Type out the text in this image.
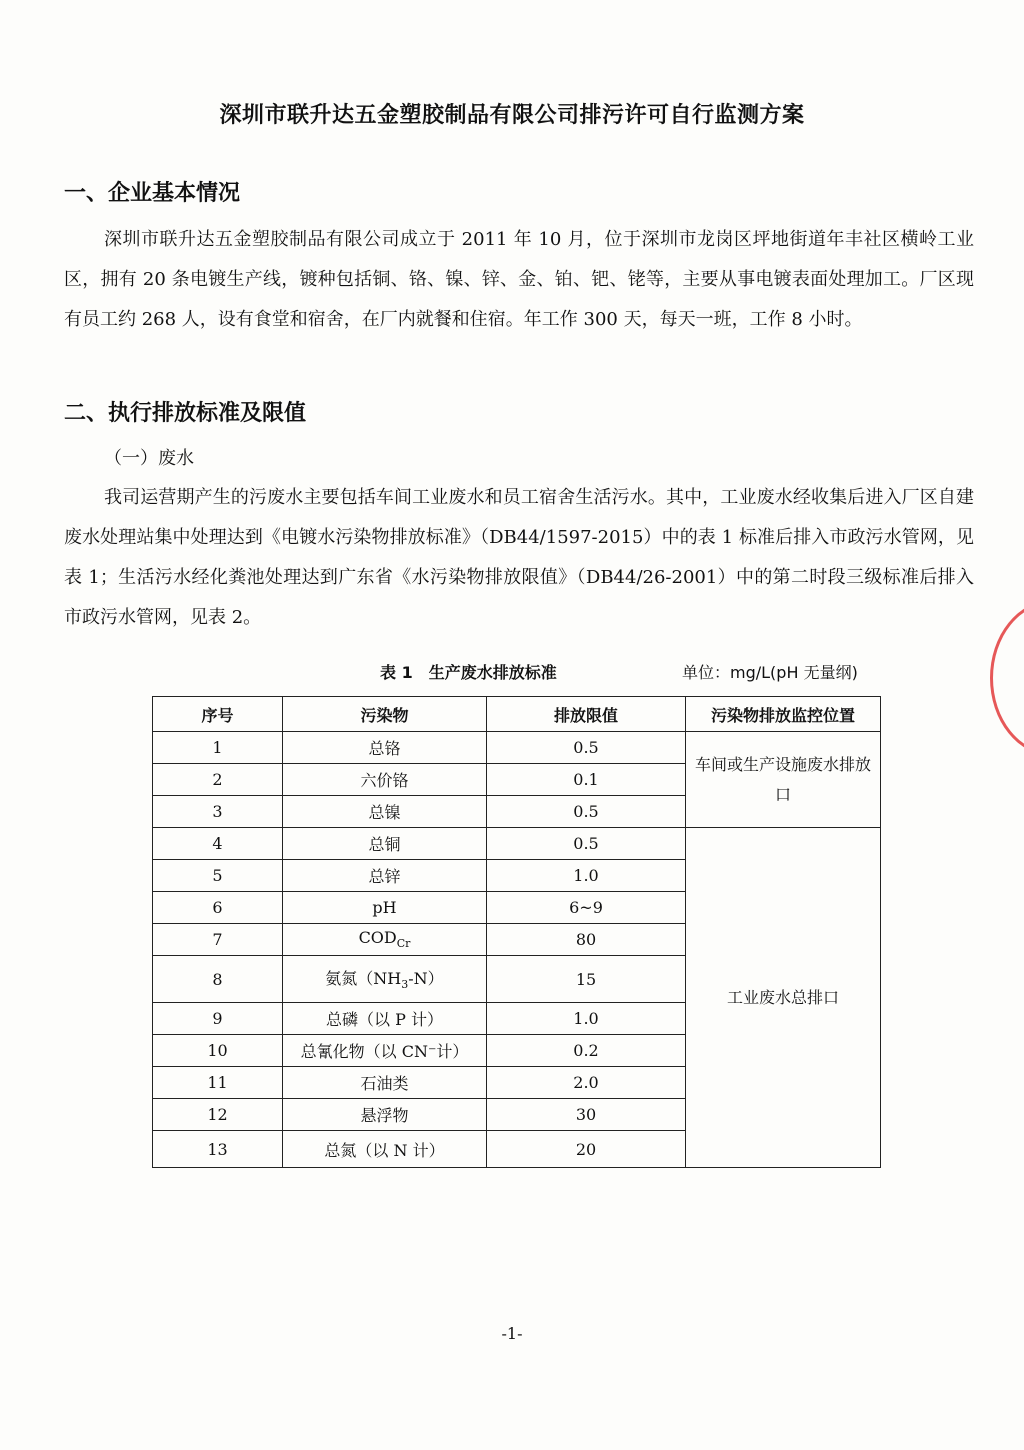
深圳市联升达五金塑胶制品有限公司排污许可自行监测方案
一、企业基本情况

深圳市联升达五金塑胶制品有限公司成立于 2011 年 10 月，位于深圳市龙岗区坪地街道年丰社区横岭工业区，拥有 20 条电镀生产线，镀种包括铜、铬、镍、锌、金、铂、钯、铑等，主要从事电镀表面处理加工。厂区现有员工约 268 人，设有食堂和宿舍，在厂内就餐和住宿。年工作 300 天，每天一班，工作 8 小时。

二、执行排放标准及限值
（一）废水

我司运营期产生的污废水主要包括车间工业废水和员工宿舍生活污水。其中，工业废水经收集后进入厂区自建废水处理站集中处理达到《电镀水污染物排放标准》（DB44/1597-2015）中的表 1 标准后排入市政污水管网，见表 1；生活污水经化粪池处理达到广东省《水污染物排放限值》（DB44/26-2001）中的第二时段三级标准后排入市政污水管网，见表 2。

表 1　生产废水排放标准	单位：mg/L(pH 无量纲)
序号	污染物	排放限值	污染物排放监控位置
1	总铬	0.5	车间或生产设施废水排放口
2	六价铬	0.1	
3	总镍	0.5	
4	总铜	0.5	工业废水总排口
5	总锌	1.0	
6	pH	6~9	
7	$COD_{Cr}$	80	
8	氨氮$(NH_3-N)$	15	
9	总磷（以 P 计）	1.0	
10	总氰化物（以 CN⁻计）	0.2	
11	石油类	2.0	
12	悬浮物	30	
13	总氮（以 N 计）	20	
-1-
